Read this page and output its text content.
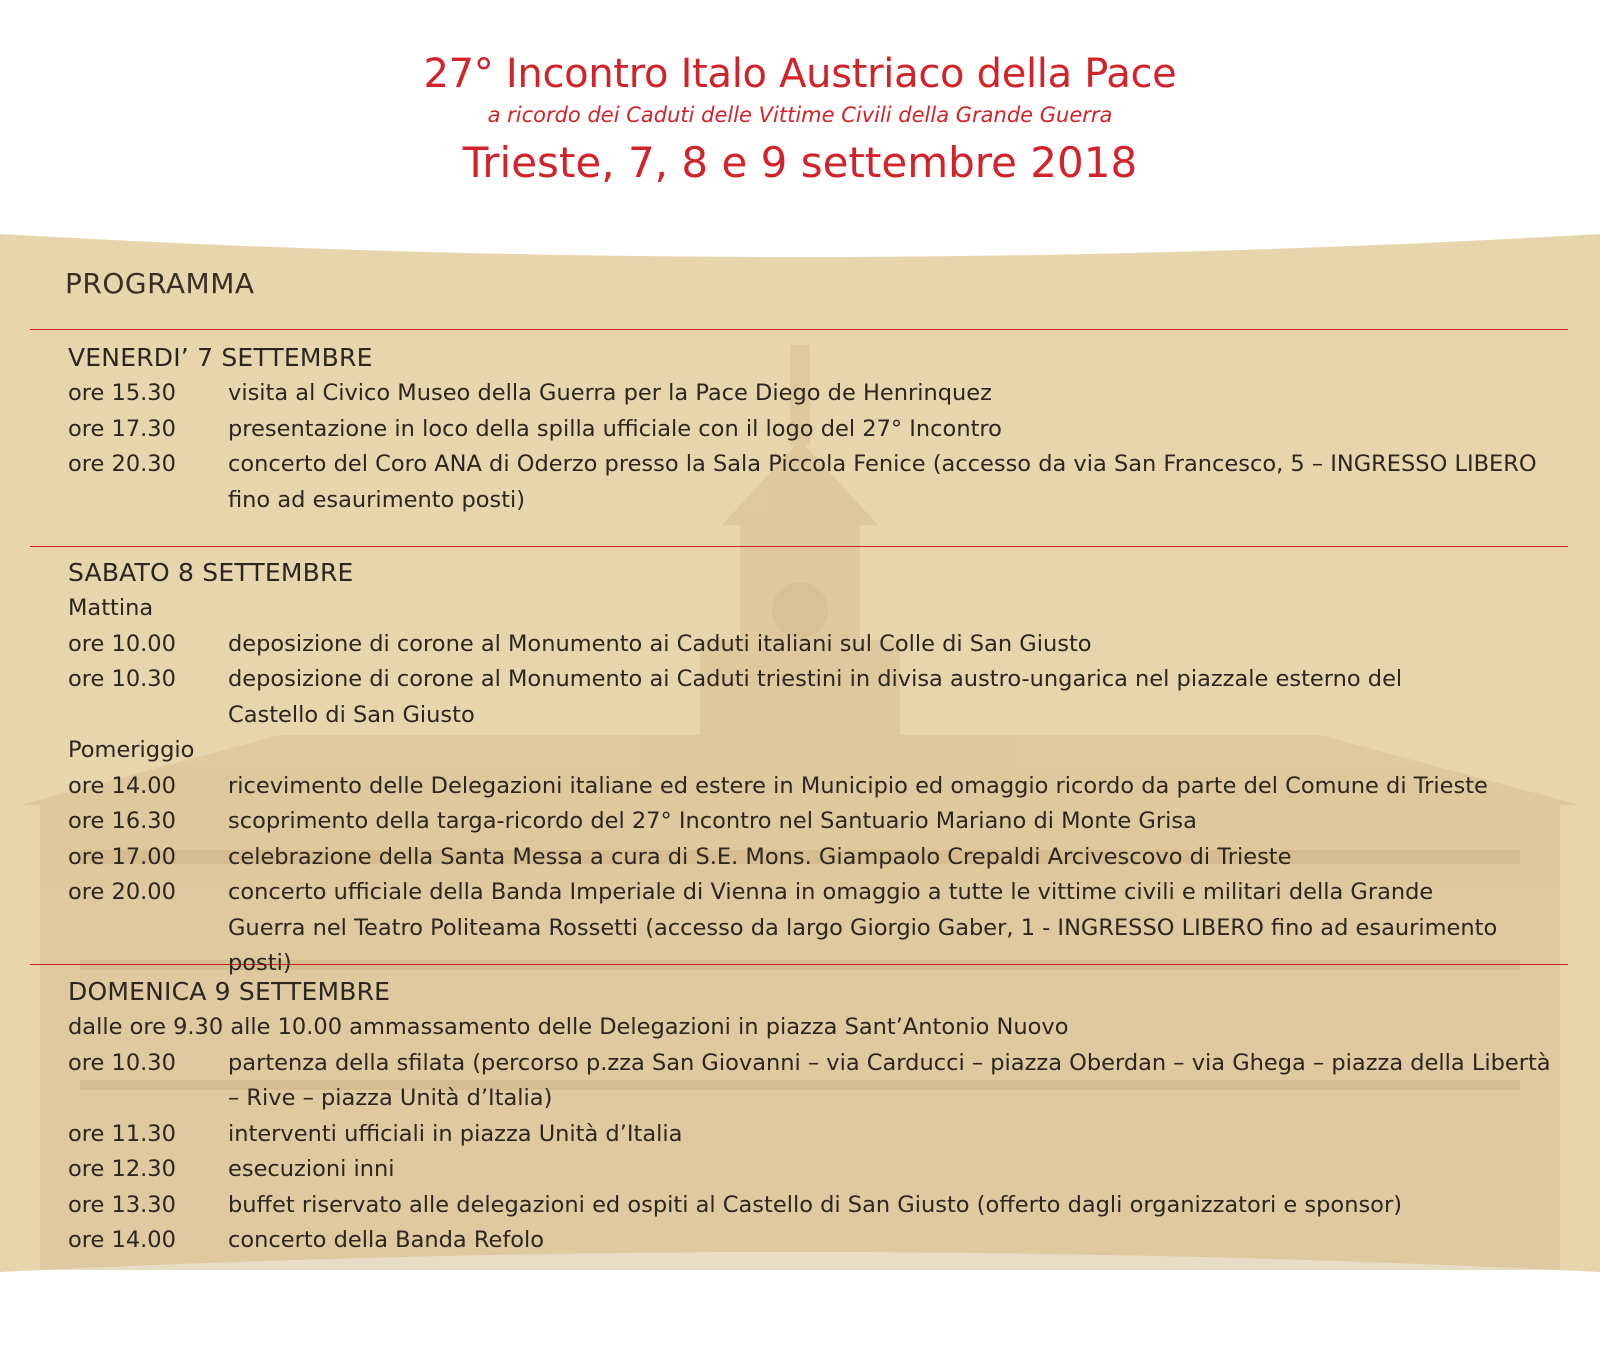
27° Incontro Italo Austriaco della Pace
a ricordo dei Caduti delle Vittime Civili della Grande Guerra
Trieste, 7, 8 e 9 settembre 2018
PROGRAMMA
VENERDI’ 7 SETTEMBRE
ore 15.30	visita al Civico Museo della Guerra per la Pace Diego de Henrinquez
ore 17.30	presentazione in loco della spilla ufficiale con il logo del 27° Incontro
ore 20.30	concerto del Coro ANA di Oderzo presso la Sala Piccola Fenice (accesso da via San Francesco, 5 – INGRESSO LIBERO fino ad esaurimento posti)
SABATO 8 SETTEMBRE
Mattina
ore 10.00	deposizione di corone al Monumento ai Caduti italiani sul Colle di San Giusto
ore 10.30	deposizione di corone al Monumento ai Caduti triestini in divisa austro-ungarica nel piazzale esterno del Castello di San Giusto
Pomeriggio
ore 14.00	ricevimento delle Delegazioni italiane ed estere in Municipio ed omaggio ricordo da parte del Comune di Trieste
ore 16.30	scoprimento della targa-ricordo del 27° Incontro nel Santuario Mariano di Monte Grisa
ore 17.00	celebrazione della Santa Messa a cura di S.E. Mons. Giampaolo Crepaldi Arcivescovo di Trieste
ore 20.00	concerto ufficiale della Banda Imperiale di Vienna in omaggio a tutte le vittime civili e militari della Grande Guerra nel Teatro Politeama Rossetti (accesso da largo Giorgio Gaber, 1 - INGRESSO LIBERO fino ad esaurimento posti)
DOMENICA 9 SETTEMBRE
dalle ore 9.30 alle 10.00 ammassamento delle Delegazioni in piazza Sant’Antonio Nuovo
ore 10.30	partenza della sfilata (percorso p.zza San Giovanni – via Carducci – piazza Oberdan – via Ghega – piazza della Libertà – Rive – piazza Unità d’Italia)
ore 11.30	interventi ufficiali in piazza Unità d’Italia
ore 12.30	esecuzioni inni
ore 13.30	buffet riservato alle delegazioni ed ospiti al Castello di San Giusto (offerto dagli organizzatori e sponsor)
ore 14.00	concerto della Banda Refolo
